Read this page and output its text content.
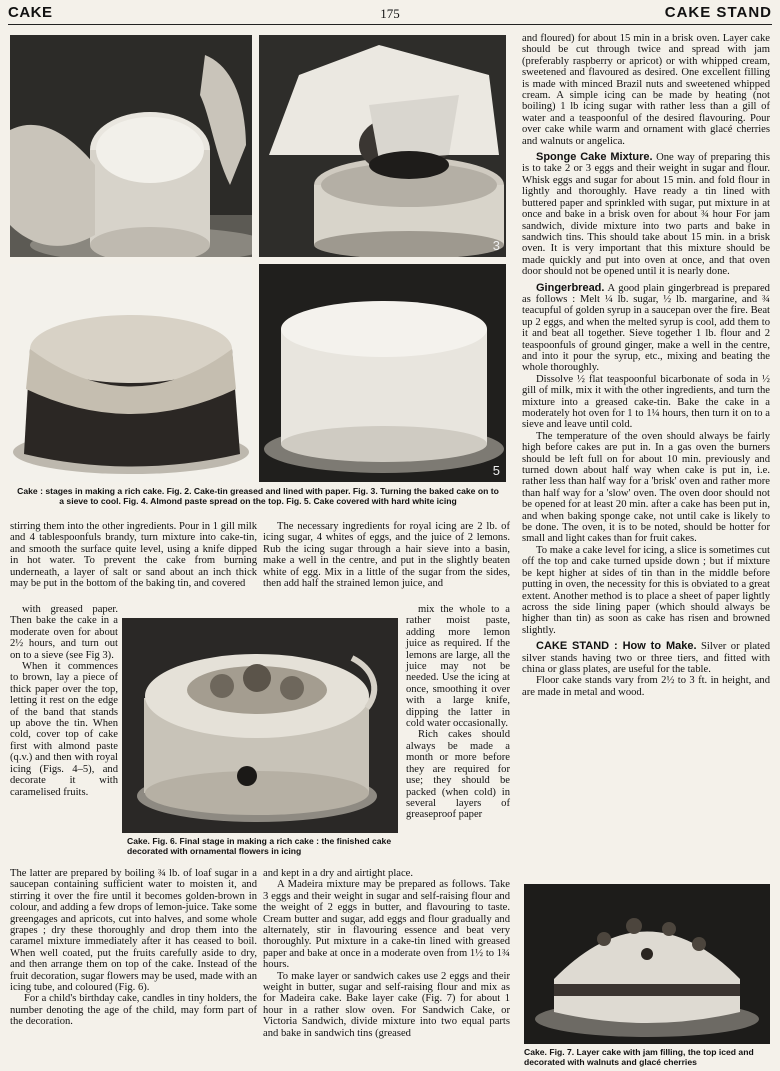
CAKE	175	CAKE STAND
3
5
Cake : stages in making a rich cake. Fig. 2. Cake-tin greased and lined with paper. Fig. 3. Turning the baked cake on to a sieve to cool. Fig. 4. Almond paste spread on the top. Fig. 5. Cake covered with hard white icing

stirring them into the other ingredients. Pour in 1 gill milk and 4 tablespoonfuls brandy, turn mixture into cake-tin, and smooth the surface quite level, using a knife dipped in hot water. To prevent the cake from burning underneath, a layer of salt or sand about an inch thick may be put in the bottom of the baking tin, and covered

with greased paper. Then bake the cake in a moderate oven for about 2½ hours, and turn out on to a sieve (see Fig 3).

When it commences to brown, lay a piece of thick paper over the top, letting it rest on the edge of the band that stands up above the tin. When cold, cover top of cake first with almond paste (q.v.) and then with royal icing (Figs. 4–5), and decorate it with caramelised fruits.

The latter are prepared by boiling ¾ lb. of loaf sugar in a saucepan containing sufficient water to moisten it, and stirring it over the fire until it becomes golden-brown in colour, and adding a few drops of lemon-juice. Take some greengages and apricots, cut into halves, and some whole grapes ; dry these thoroughly and drop them into the caramel mixture immediately after it has ceased to boil. When well coated, put the fruits carefully aside to dry, and then arrange them on top of the cake. Instead of the fruit decoration, sugar flowers may be used, made with an icing tube, and coloured (Fig. 6).

For a child's birthday cake, candles in tiny holders, the number denoting the age of the child, may form part of the decoration.

Cake. Fig. 6. Final stage in making a rich cake : the finished cake decorated with ornamental flowers in icing

The necessary ingredients for royal icing are 2 lb. of icing sugar, 4 whites of eggs, and the juice of 2 lemons. Rub the icing sugar through a hair sieve into a basin, make a well in the centre, and put in the slightly beaten white of egg. Mix in a little of the sugar from the sides, then add half the strained lemon juice, and

mix the whole to a rather moist paste, adding more lemon juice as required. If the lemons are large, all the juice may not be needed. Use the icing at once, smoothing it over with a large knife, dipping the latter in cold water occasionally.

Rich cakes should always be made a month or more before they are required for use; they should be packed (when cold) in several layers of greaseproof paper

and kept in a dry and airtight place.

A Madeira mixture may be prepared as follows. Take 3 eggs and their weight in sugar and self-raising flour and the weight of 2 eggs in butter, and flavouring to taste. Cream butter and sugar, add eggs and flour gradually and alternately, stir in flavouring essence and beat very thoroughly. Put mixture in a cake-tin lined with greased paper and bake at once in a moderate oven from 1½ to 1¾ hours.

To make layer or sandwich cakes use 2 eggs and their weight in butter, sugar and self-raising flour and mix as for Madeira cake. Bake layer cake (Fig. 7) for about 1 hour in a rather slow oven. For Sandwich Cake, or Victoria Sandwich, divide mixture into two equal parts and bake in sandwich tins (greased

and floured) for about 15 min in a brisk oven. Layer cake should be cut through twice and spread with jam (preferably raspberry or apricot) or with whipped cream, sweetened and flavoured as desired. One excellent filling is made with minced Brazil nuts and sweetened whipped cream. A simple icing can be made by heating (not boiling) 1 lb icing sugar with rather less than a gill of water and a teaspoonful of the desired flavouring. Pour over cake while warm and ornament with glacé cherries and walnuts or angelica.

Sponge Cake Mixture. One way of preparing this is to take 2 or 3 eggs and their weight in sugar and flour. Whisk eggs and sugar for about 15 min. and fold flour in lightly and thoroughly. Have ready a tin lined with buttered paper and sprinkled with sugar, put mixture in at once and bake in a brisk oven for about ¾ hour For jam sandwich, divide mixture into two parts and bake in sandwich tins. This should take about 15 min. in a brisk oven. It is very important that this mixture should be made quickly and put into oven at once, and that oven door should not be opened until it is nearly done.

Gingerbread. A good plain gingerbread is prepared as follows : Melt ¼ lb. sugar, ½ lb. margarine, and ¾ teacupful of golden syrup in a saucepan over the fire. Beat up 2 eggs, and when the melted syrup is cool, add them to it and beat all together. Sieve together 1 lb. flour and 2 teaspoonfuls of ground ginger, make a well in the centre, and into it pour the syrup, etc., mixing and beating the whole thoroughly.

Dissolve ½ flat teaspoonful bicarbonate of soda in ½ gill of milk, mix it with the other ingredients, and turn the mixture into a greased cake-tin. Bake the cake in a moderately hot oven for 1 to 1¼ hours, then turn it on to a sieve and leave until cold.

The temperature of the oven should always be fairly high before cakes are put in. In a gas oven the burners should be left full on for about 10 min. previously and turned down about half way when cake is put in, i.e. rather less than half way for a 'brisk' oven and rather more than half way for a 'slow' oven. The oven door should not be opened for at least 20 min. after a cake has been put in, and when baking sponge cake, not until cake is likely to be done. The oven, it is to be noted, should be hotter for small and light cakes than for fruit cakes.

To make a cake level for icing, a slice is sometimes cut off the top and cake turned upside down ; but if mixture be kept higher at sides of tin than in the middle before putting in oven, the necessity for this is obviated to a great extent. Another method is to place a sheet of paper lightly across the side lining paper (which should always be higher than tin) as soon as cake has risen and browned slightly.

CAKE STAND : How to Make. Silver or plated silver stands having two or three tiers, and fitted with china or glass plates, are useful for the table.

Floor cake stands vary from 2½ to 3 ft. in height, and are made in metal and wood.

Cake. Fig. 7. Layer cake with jam filling, the top iced and decorated with walnuts and glacé cherries
